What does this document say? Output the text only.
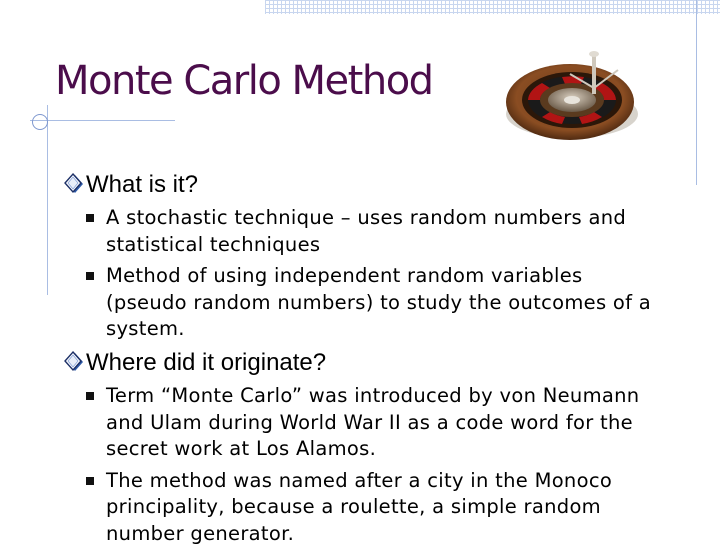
Monte Carlo Method
What is it?
A stochastic technique – uses random numbers and statistical techniques
Method of using independent random variables (pseudo random numbers) to study the outcomes of a system.
Where did it originate?
Term “Monte Carlo” was introduced by von Neumann and Ulam during World War II as a code word for the secret work at Los Alamos.
The method was named after a city in the Monoco principality, because a roulette, a simple random number generator.
